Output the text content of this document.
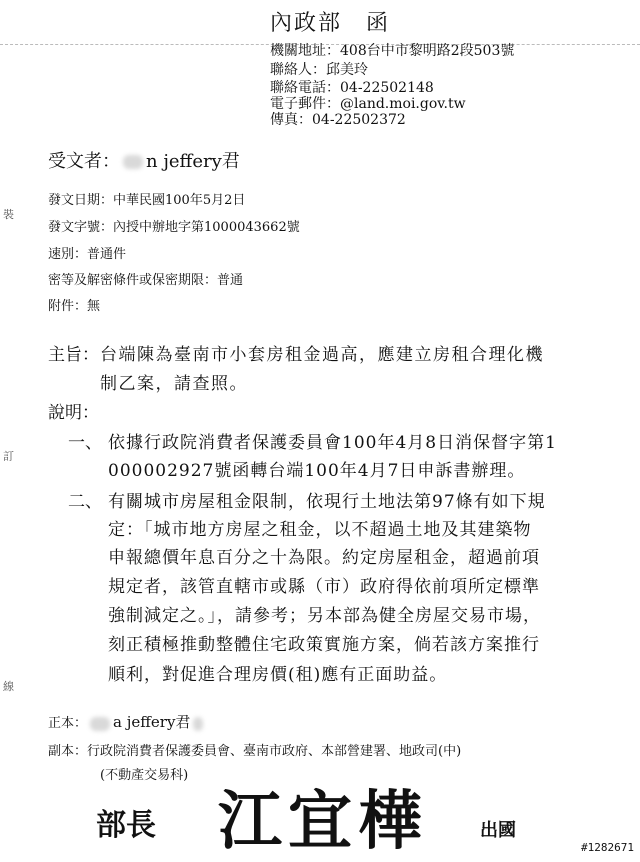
內政部　函
機關地址：408台中市黎明路2段503號
聯絡人：邱美玲
聯絡電話：04-22502148
電子郵件：@land.moi.gov.tw
傳真：04-22502372
受文者： n jeffery君
發文日期：中華民國100年5月2日
發文字號：內授中辦地字第1000043662號
速別：普通件
密等及解密條件或保密期限：普通
附件：無
主旨： 台端陳為臺南市小套房租金過高，應建立房租合理化機
制乙案，請查照。
說明：
一、 依據行政院消費者保護委員會100年4月8日消保督字第1
000002927號函轉台端100年4月7日申訴書辦理。
二、 有關城市房屋租金限制，依現行土地法第97條有如下規
定：「城市地方房屋之租金，以不超過土地及其建築物
申報總價年息百分之十為限。約定房屋租金，超過前項
規定者，該管直轄市或縣（市）政府得依前項所定標準
強制減定之。」，請參考；另本部為健全房屋交易市場，
刻正積極推動整體住宅政策實施方案，倘若該方案推行
順利，對促進合理房價(租)應有正面助益。
正本： a jeffery君
副本：行政院消費者保護委員會、臺南市政府、本部營建署、地政司(中)
(不動產交易科)
部長 江宜樺	出國
裝
訂
線
#1282671
